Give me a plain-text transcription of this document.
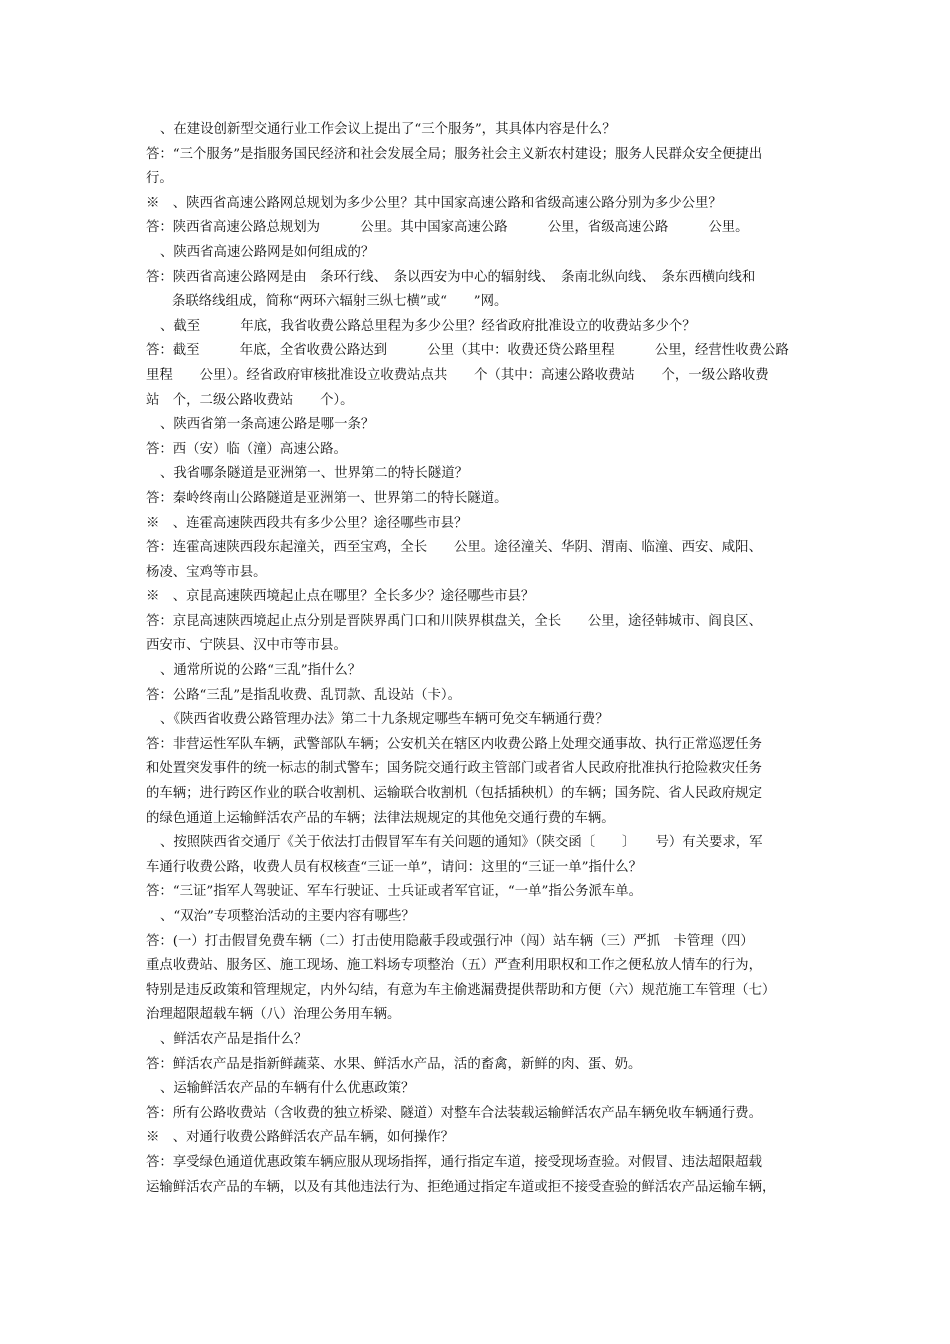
、在建设创新型交通行业工作会议上提出了“三个服务”，其具体内容是什么？
答：“三个服务”是指服务国民经济和社会发展全局；服务社会主义新农村建设；服务人民群众安全便捷出
行。
※　、陕西省高速公路网总规划为多少公里？其中国家高速公路和省级高速公路分别为多少公里？
答：陕西省高速公路总规划为　　　公里。其中国家高速公路　　　公里，省级高速公路　　　公里。
、陕西省高速公路网是如何组成的？
答：陕西省高速公路网是由　条环行线、　条以西安为中心的辐射线、　条南北纵向线、　条东西横向线和
条联络线组成，简称“两环六辐射三纵七横”或“　　”网。
、截至　　　年底，我省收费公路总里程为多少公里？经省政府批准设立的收费站多少个？
答：截至　　　年底，全省收费公路达到　　　公里（其中：收费还贷公路里程　　　公里，经营性收费公路
里程　　公里）。经省政府审核批准设立收费站点共　　个（其中：高速公路收费站　　个，一级公路收费
站　个，二级公路收费站　　个）。
、陕西省第一条高速公路是哪一条？
答：西（安）临（潼）高速公路。
、我省哪条隧道是亚洲第一、世界第二的特长隧道？
答：秦岭终南山公路隧道是亚洲第一、世界第二的特长隧道。
※　、连霍高速陕西段共有多少公里？途径哪些市县？
答：连霍高速陕西段东起潼关，西至宝鸡，全长　　公里。途径潼关、华阴、渭南、临潼、西安、咸阳、
杨凌、宝鸡等市县。
※　、京昆高速陕西境起止点在哪里？全长多少？途径哪些市县？
答：京昆高速陕西境起止点分别是晋陕界禹门口和川陕界棋盘关，全长　　公里，途径韩城市、阎良区、
西安市、宁陕县、汉中市等市县。
、通常所说的公路“三乱”指什么？
答：公路“三乱”是指乱收费、乱罚款、乱设站（卡）。
、《陕西省收费公路管理办法》第二十九条规定哪些车辆可免交车辆通行费？
答：非营运性军队车辆，武警部队车辆；公安机关在辖区内收费公路上处理交通事故、执行正常巡逻任务
和处置突发事件的统一标志的制式警车；国务院交通行政主管部门或者省人民政府批准执行抢险救灾任务
的车辆；进行跨区作业的联合收割机、运输联合收割机（包括插秧机）的车辆；国务院、省人民政府规定
的绿色通道上运输鲜活农产品的车辆；法律法规规定的其他免交通行费的车辆。
、按照陕西省交通厅《关于依法打击假冒军车有关问题的通知》（陕交函〔　　〕　　号）有关要求，军
车通行收费公路，收费人员有权核查“三证一单”，请问：这里的“三证一单”指什么？
答：“三证”指军人驾驶证、军车行驶证、士兵证或者军官证，“一单”指公务派车单。
、“双治”专项整治活动的主要内容有哪些？
答：(一）打击假冒免费车辆（二）打击使用隐蔽手段或强行冲（闯）站车辆（三）严抓　卡管理（四）
重点收费站、服务区、施工现场、施工料场专项整治（五）严查利用职权和工作之便私放人情车的行为，
特别是违反政策和管理规定，内外勾结，有意为车主偷逃漏费提供帮助和方便（六）规范施工车管理（七）
治理超限超载车辆（八）治理公务用车辆。
、鲜活农产品是指什么？
答：鲜活农产品是指新鲜蔬菜、水果、鲜活水产品，活的畜禽，新鲜的肉、蛋、奶。
、运输鲜活农产品的车辆有什么优惠政策？
答：所有公路收费站（含收费的独立桥梁、隧道）对整车合法装载运输鲜活农产品车辆免收车辆通行费。
※　、对通行收费公路鲜活农产品车辆，如何操作？
答：享受绿色通道优惠政策车辆应服从现场指挥，通行指定车道，接受现场查验。对假冒、违法超限超载
运输鲜活农产品的车辆，以及有其他违法行为、拒绝通过指定车道或拒不接受查验的鲜活农产品运输车辆，
